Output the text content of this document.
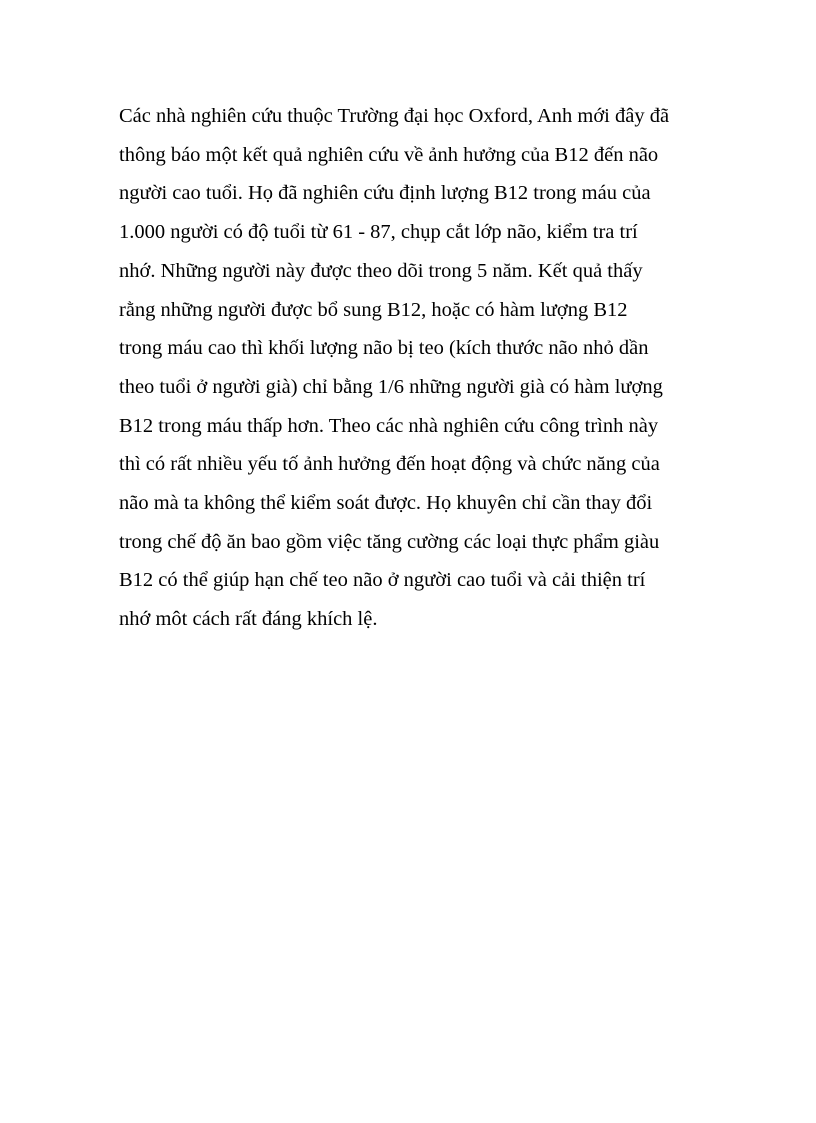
Các nhà nghiên cứu thuộc Trường đại học Oxford, Anh mới đây đã

thông báo một kết quả nghiên cứu về ảnh hưởng của B12 đến não

người cao tuổi. Họ đã nghiên cứu định lượng B12 trong máu của

1.000 người có độ tuổi từ 61 - 87, chụp cắt lớp não, kiểm tra trí

nhớ. Những người này được theo dõi trong 5 năm. Kết quả thấy

rằng những người được bổ sung B12, hoặc có hàm lượng B12

trong máu cao thì khối lượng não bị teo (kích thước não nhỏ dần

theo tuổi ở người già) chỉ bằng 1/6 những người già có hàm lượng

B12 trong máu thấp hơn. Theo các nhà nghiên cứu công trình này

thì có rất nhiều yếu tố ảnh hưởng đến hoạt động và chức năng của

não mà ta không thể kiểm soát được. Họ khuyên chỉ cần thay đổi

trong chế độ ăn bao gồm việc tăng cường các loại thực phẩm giàu

B12 có thể giúp hạn chế teo não ở người cao tuổi và cải thiện trí

nhớ môt cách rất đáng khích lệ.
